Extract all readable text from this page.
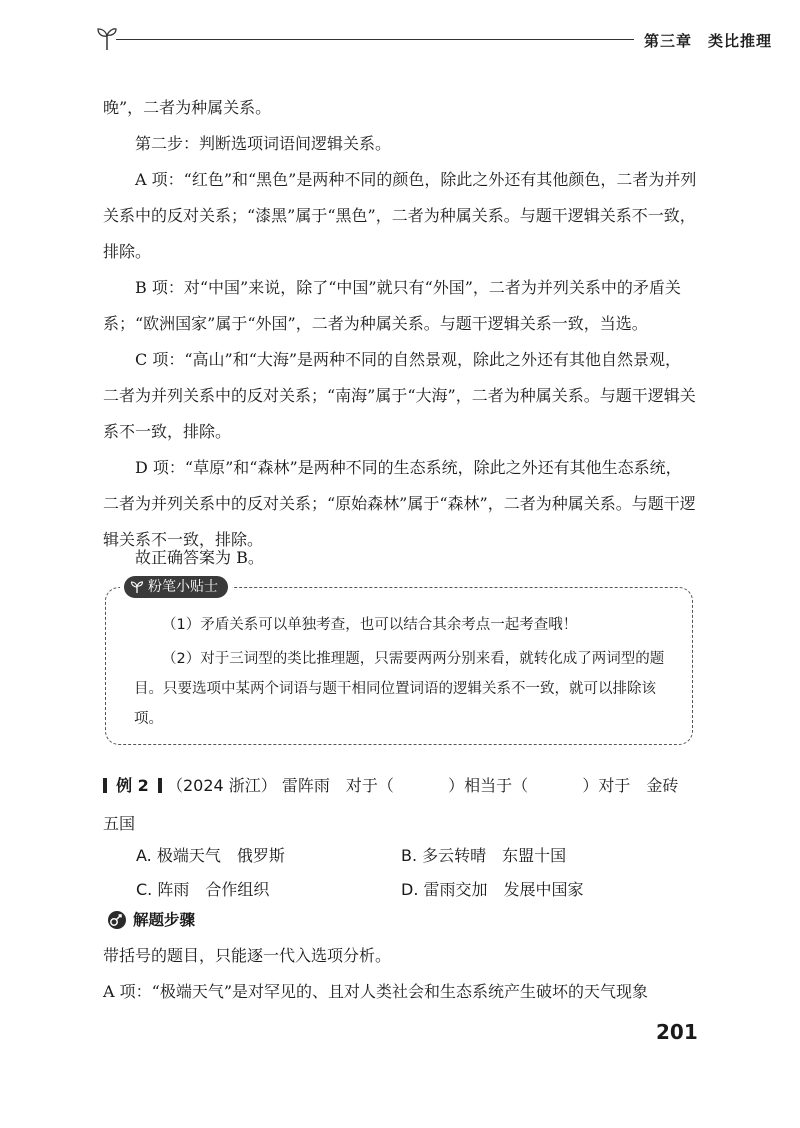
第三章　类比推理

晚”，二者为种属关系。

第二步：判断选项词语间逻辑关系。

A 项：“红色”和“黑色”是两种不同的颜色，除此之外还有其他颜色，二者为并列关系中的反对关系；“漆黑”属于“黑色”，二者为种属关系。与题干逻辑关系不一致，排除。

B 项：对“中国”来说，除了“中国”就只有“外国”，二者为并列关系中的矛盾关系；“欧洲国家”属于“外国”，二者为种属关系。与题干逻辑关系一致，当选。

C 项：“高山”和“大海”是两种不同的自然景观，除此之外还有其他自然景观，二者为并列关系中的反对关系；“南海”属于“大海”，二者为种属关系。与题干逻辑关系不一致，排除。

D 项：“草原”和“森林”是两种不同的生态系统，除此之外还有其他生态系统，二者为并列关系中的反对关系；“原始森林”属于“森林”，二者为种属关系。与题干逻辑关系不一致，排除。

故正确答案为 B。

粉笔小贴士

（1）矛盾关系可以单独考查，也可以结合其余考点一起考查哦！

（2）对于三词型的类比推理题，只需要两两分别来看，就转化成了两词型的题目。只要选项中某两个词语与题干相同位置词语的逻辑关系不一致，就可以排除该项。

例 2 （2024 浙江） 雷阵雨　对于（	）相当于（	）对于　金砖
五国
A. 极端天气　俄罗斯	B. 多云转晴　东盟十国
C. 阵雨　合作组织	D. 雷雨交加　发展中国家
解题步骤

带括号的题目，只能逐一代入选项分析。

A 项：“极端天气”是对罕见的、且对人类社会和生态系统产生破坏的天气现象

201
